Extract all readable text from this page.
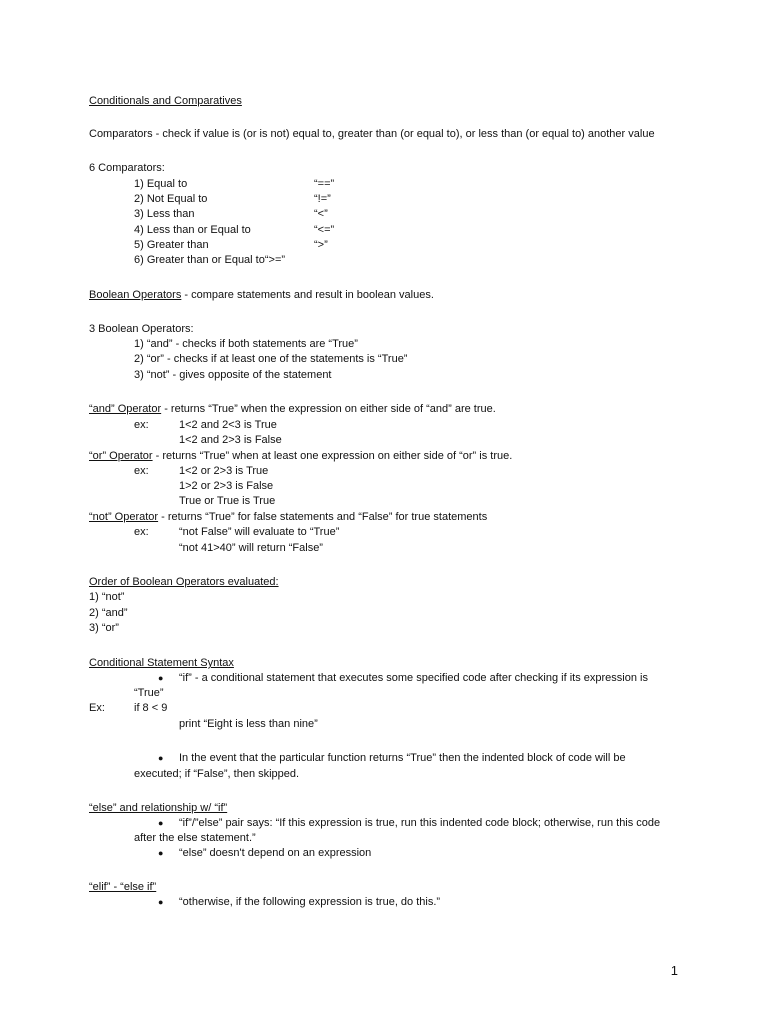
Conditionals and Comparatives
Comparators - check if value is (or is not) equal to, greater than (or equal to), or less than (or equal to) another value
6 Comparators:
1) Equal to	“==”
2) Not Equal to	“!=”
3) Less than	“<”
4) Less than or Equal to	“<=”
5) Greater than	“>”
6) Greater than or Equal to“>=”
Boolean Operators - compare statements and result in boolean values.
3 Boolean Operators:
1) “and” - checks if both statements are “True”
2) “or” - checks if at least one of the statements is “True”
3) “not” - gives opposite of the statement
“and” Operator - returns “True” when the expression on either side of “and” are true.
ex:	1<2 and 2<3 is True
1<2 and 2>3 is False
“or” Operator - returns “True” when at least one expression on either side of “or” is true.
ex:	1<2 or 2>3 is True
1>2 or 2>3 is False
True or True is True
“not” Operator - returns “True” for false statements and “False” for true statements
ex:	“not False” will evaluate to “True”
“not 41>40” will return “False”
Order of Boolean Operators evaluated:
1) “not”
2) “and”
3) “or”
Conditional Statement Syntax
● “if” - a conditional statement that executes some specified code after checking if its expression is
“True”
Ex:	if 8 < 9
print “Eight is less than nine”
● In the event that the particular function returns “True” then the indented block of code will be
executed; if “False”, then skipped.
“else” and relationship w/ “if”
● “if”/”else” pair says: “If this expression is true, run this indented code block; otherwise, run this code
after the else statement.”
● “else” doesn't depend on an expression
“elif” - “else if”
● “otherwise, if the following expression is true, do this.”
1
